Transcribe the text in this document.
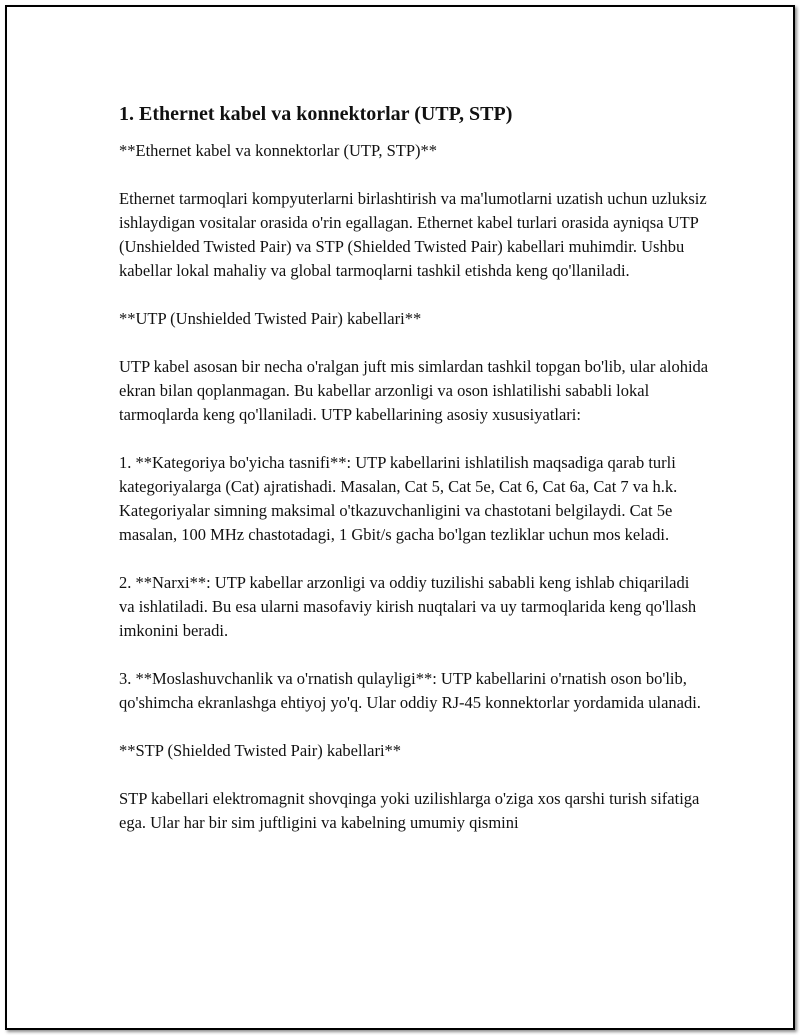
1. Ethernet kabel va konnektorlar (UTP, STP)

**Ethernet kabel va konnektorlar (UTP, STP)**

Ethernet tarmoqlari kompyuterlarni birlashtirish va ma'lumotlarni uzatish uchun uzluksiz ishlaydigan vositalar orasida o'rin egallagan. Ethernet kabel turlari orasida ayniqsa UTP (Unshielded Twisted Pair) va STP (Shielded Twisted Pair) kabellari muhimdir. Ushbu kabellar lokal mahaliy va global tarmoqlarni tashkil etishda keng qo'llaniladi.

**UTP (Unshielded Twisted Pair) kabellari**

UTP kabel asosan bir necha o'ralgan juft mis simlardan tashkil topgan bo'lib, ular alohida ekran bilan qoplanmagan. Bu kabellar arzonligi va oson ishlatilishi sababli lokal tarmoqlarda keng qo'llaniladi. UTP kabellarining asosiy xususiyatlari:

1. **Kategoriya bo'yicha tasnifi**: UTP kabellarini ishlatilish maqsadiga qarab turli kategoriyalarga (Cat) ajratishadi. Masalan, Cat 5, Cat 5e, Cat 6, Cat 6a, Cat 7 va h.k. Kategoriyalar simning maksimal o'tkazuvchanligini va chastotani belgilaydi. Cat 5e masalan, 100 MHz chastotadagi, 1 Gbit/s gacha bo'lgan tezliklar uchun mos keladi.

2. **Narxi**: UTP kabellar arzonligi va oddiy tuzilishi sababli keng ishlab chiqariladi va ishlatiladi. Bu esa ularni masofaviy kirish nuqtalari va uy tarmoqlarida keng qo'llash imkonini beradi.

3. **Moslashuvchanlik va o'rnatish qulayligi**: UTP kabellarini o'rnatish oson bo'lib, qo'shimcha ekranlashga ehtiyoj yo'q. Ular oddiy RJ-45 konnektorlar yordamida ulanadi.

**STP (Shielded Twisted Pair) kabellari**

STP kabellari elektromagnit shovqinga yoki uzilishlarga o'ziga xos qarshi turish sifatiga ega. Ular har bir sim juftligini va kabelning umumiy qismini
